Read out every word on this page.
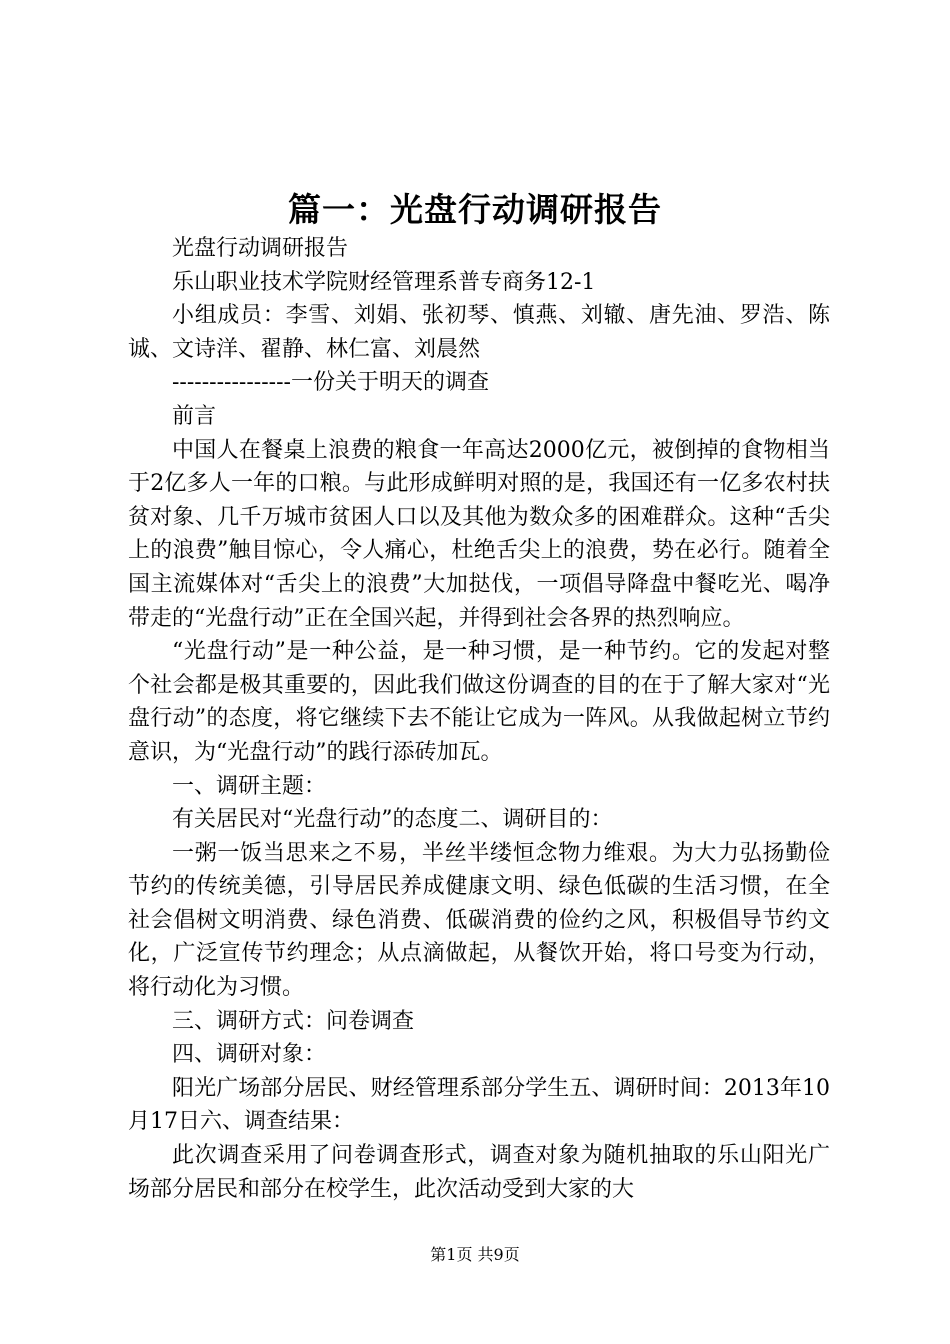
篇一：光盘行动调研报告

光盘行动调研报告

乐山职业技术学院财经管理系普专商务12-1

小组成员：李雪、刘娟、张初琴、慎燕、刘辙、唐先油、罗浩、陈诚、文诗洋、翟静、林仁富、刘晨然

----------------一份关于明天的调查

前言

中国人在餐桌上浪费的粮食一年高达2000亿元，被倒掉的食物相当于2亿多人一年的口粮。与此形成鲜明对照的是，我国还有一亿多农村扶贫对象、几千万城市贫困人口以及其他为数众多的困难群众。这种“舌尖上的浪费”触目惊心，令人痛心，杜绝舌尖上的浪费，势在必行。随着全国主流媒体对“舌尖上的浪费”大加挞伐，一项倡导降盘中餐吃光、喝净带走的“光盘行动”正在全国兴起，并得到社会各界的热烈响应。

“光盘行动”是一种公益，是一种习惯，是一种节约。它的发起对整个社会都是极其重要的，因此我们做这份调查的目的在于了解大家对“光盘行动”的态度，将它继续下去不能让它成为一阵风。从我做起树立节约意识，为“光盘行动”的践行添砖加瓦。

一、调研主题：

有关居民对“光盘行动”的态度二、调研目的：

一粥一饭当思来之不易，半丝半缕恒念物力维艰。为大力弘扬勤俭节约的传统美德，引导居民养成健康文明、绿色低碳的生活习惯，在全社会倡树文明消费、绿色消费、低碳消费的俭约之风，积极倡导节约文化，广泛宣传节约理念；从点滴做起，从餐饮开始，将口号变为行动，将行动化为习惯。

三、调研方式：问卷调查

四、调研对象：

阳光广场部分居民、财经管理系部分学生五、调研时间：2013年10月17日六、调查结果：

此次调查采用了问卷调查形式，调查对象为随机抽取的乐山阳光广场部分居民和部分在校学生，此次活动受到大家的大

第1页 共9页
